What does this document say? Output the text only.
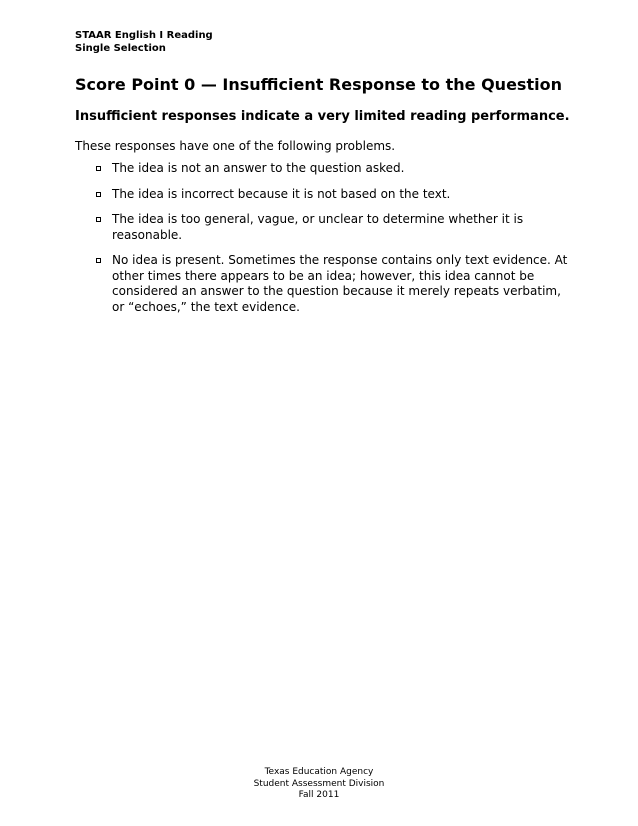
STAAR English I Reading
Single Selection
Score Point 0 — Insufficient Response to the Question
Insufficient responses indicate a very limited reading performance.

These responses have one of the following problems.

The idea is not an answer to the question asked.
The idea is incorrect because it is not based on the text.
The idea is too general, vague, or unclear to determine whether it is reasonable.
No idea is present. Sometimes the response contains only text evidence. At other times there appears to be an idea; however, this idea cannot be considered an answer to the question because it merely repeats verbatim, or “echoes,” the text evidence.
Texas Education Agency
Student Assessment Division
Fall 2011
